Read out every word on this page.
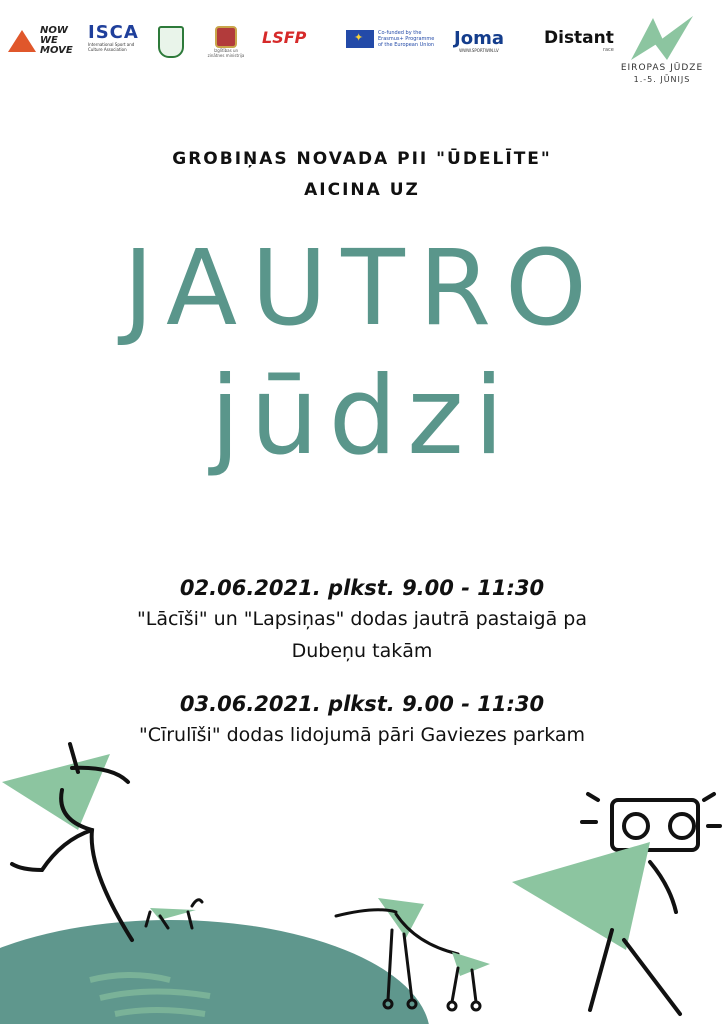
NOW WE MOVE
ISCA
International Sport and Culture Association	Izglītības un zinātnes ministrija
LSFP
✦	Co-funded by the Erasmus+ Programme of the European Union	Joma
WWW.SPORTWIN.LV
Distant
race
EIROPAS JŪDZE
1.-5. JŪNIJS
GROBIŅAS NOVADA PII "ŪDELĪTE"
AICINA UZ
JAUTRO
jūdzi
02.06.2021. plkst. 9.00 - 11:30
"Lācīši" un "Lapsiņas" dodas jautrā pastaigā pa
Dubeņu takām
03.06.2021. plkst. 9.00 - 11:30
"Cīrulīši" dodas lidojumā pāri Gaviezes parkam
